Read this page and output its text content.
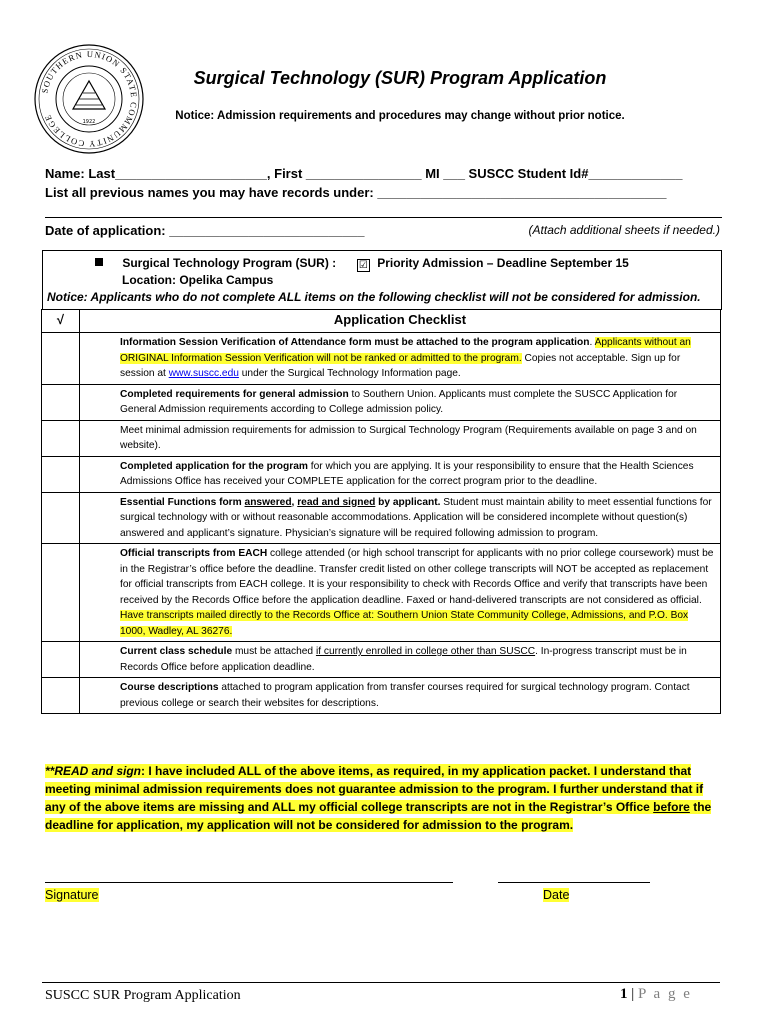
SOUTHERN UNION STATE COMMUNITY COLLEGE	1922
Surgical Technology (SUR) Program Application
Notice: Admission requirements and procedures may change without prior notice.
Name: Last_____________________, First ________________ MI ___ SUSCC Student Id#_____________
List all previous names you may have records under: ________________________________________
Date of application: ___________________________	(Attach additional sheets if needed.)
Surgical Technology Program (SUR) : ☑ Priority Admission – Deadline September 15
Location: Opelika Campus
Notice: Applicants who do not complete ALL items on the following checklist will not be considered for admission.
√	Application Checklist
	Information Session Verification of Attendance form must be attached to the program application. Applicants without an ORIGINAL Information Session Verification will not be ranked or admitted to the program. Copies not acceptable. Sign up for session at www.suscc.edu under the Surgical Technology Information page.
	Completed requirements for general admission to Southern Union. Applicants must complete the SUSCC Application for General Admission requirements according to College admission policy.
	Meet minimal admission requirements for admission to Surgical Technology Program (Requirements available on page 3 and on website).
	Completed application for the program for which you are applying. It is your responsibility to ensure that the Health Sciences Admissions Office has received your COMPLETE application for the correct program prior to the deadline.
	Essential Functions form answered, read and signed by applicant. Student must maintain ability to meet essential functions for surgical technology with or without reasonable accommodations. Application will be considered incomplete without question(s) answered and applicant’s signature. Physician’s signature will be required following admission to program.
	Official transcripts from EACH college attended (or high school transcript for applicants with no prior college coursework) must be in the Registrar’s office before the deadline. Transfer credit listed on other college transcripts will NOT be accepted as replacement for official transcripts from EACH college. It is your responsibility to check with Records Office and verify that transcripts have been received by the Records Office before the application deadline. Faxed or hand-delivered transcripts are not considered as official. Have transcripts mailed directly to the Records Office at: Southern Union State Community College, Admissions, and P.O. Box 1000, Wadley, AL 36276.
	Current class schedule must be attached if currently enrolled in college other than SUSCC. In-progress transcript must be in Records Office before application deadline.
	Course descriptions attached to program application from transfer courses required for surgical technology program. Contact previous college or search their websites for descriptions.
**READ and sign: I have included ALL of the above items, as required, in my application packet. I understand that meeting minimal admission requirements does not guarantee admission to the program. I further understand that if any of the above items are missing and ALL my official college transcripts are not in the Registrar’s Office before the deadline for application, my application will not be considered for admission to the program.
Signature	Date
SUSCC SUR Program Application	1 | P a g e
